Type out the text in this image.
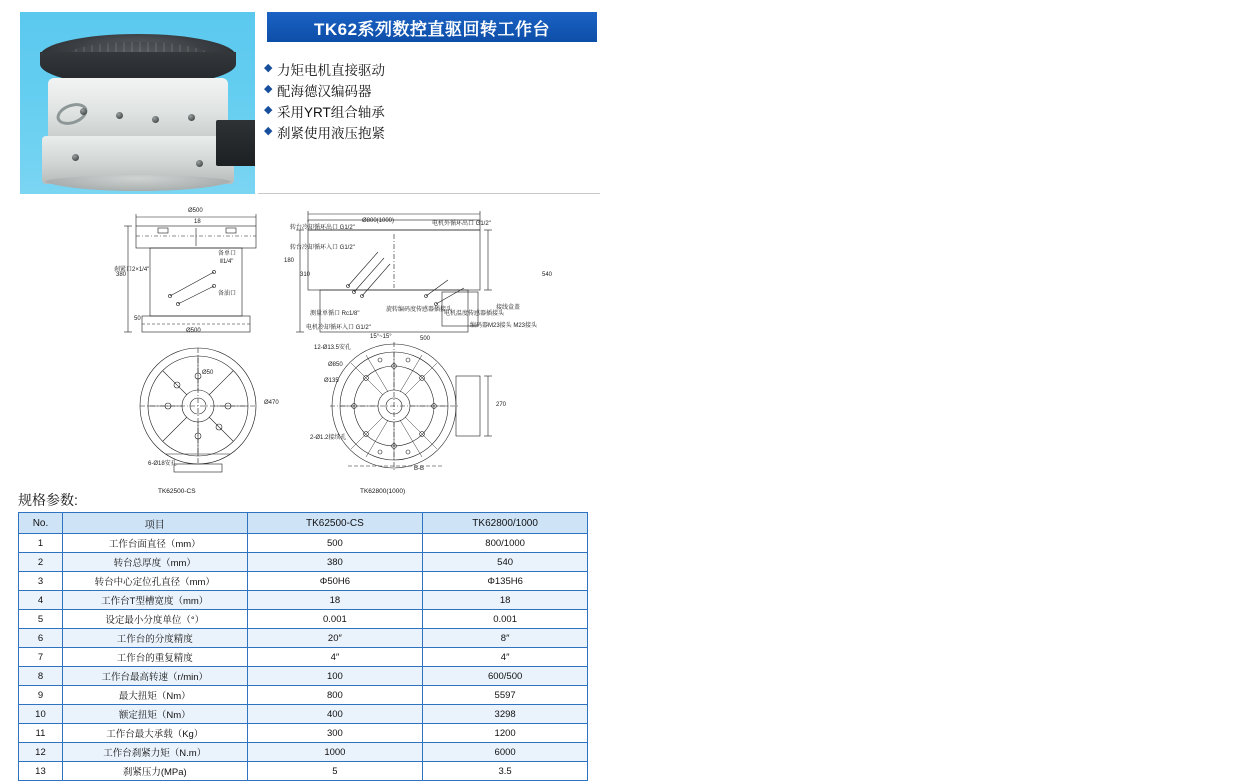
TK62系列数控直驱回转工作台
◆ 力矩电机直接驱动
◆ 配海德汉编码器
◆ 采用YRT组合轴承
◆ 刹紧使用液压抱紧
Ø500
18
备单口
Ⅱ1/4"
备油口
刹紧口2×1/4"
380
Ø500
50
Ø50
Ø470
6-Ø18安孔
Ø800(1000)
转台冷却循环出口 G1/2"
转台冷却循环入口 G1/2"
电机外循环出口 G1/2"
540
接线盒盖
测量单循口 Rc1/8"
电机冷却循环入口 G1/2"
旋转编码度传感器插接头
电机温度传感器插接头
编码器M23接头 M23接头
15°~15°
12-Ø13.5安孔
500
310
180
Ø850
Ø135
270
2-Ø1.2接续孔
B-B
TK62500-CS	TK62800(1000)
规格参数:
No.	项目	TK62500-CS	TK62800/1000
1	工作台面直径（mm）	500	800/1000
2	转台总厚度（mm）	380	540
3	转台中心定位孔直径（mm）	Φ50H6	Φ135H6
4	工作台T型槽宽度（mm）	18	18
5	设定最小分度单位（°）	0.001	0.001
6	工作台的分度精度	20″	8″
7	工作台的重复精度	4″	4″
8	工作台最高转速（r/min）	100	600/500
9	最大扭矩（Nm）	800	5597
10	额定扭矩（Nm）	400	3298
11	工作台最大承载（Kg）	300	1200
12	工作台刹紧力矩（N.m）	1000	6000
13	刹紧压力(MPa)	5	3.5
